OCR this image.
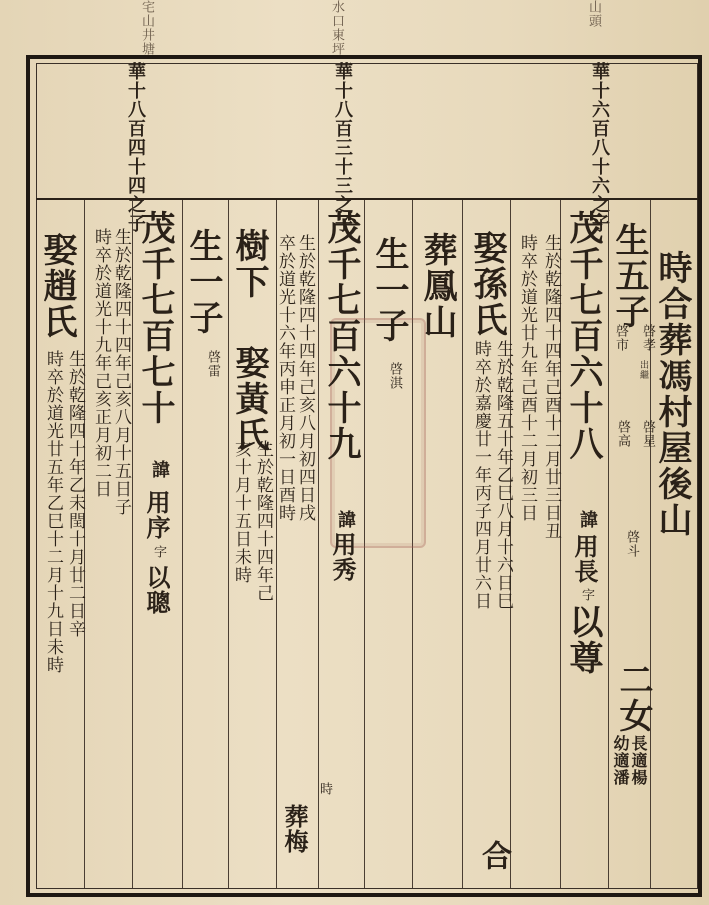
山頭
水口東坪
宅山井塘
華十六百八十六之子
華十八百三十三之子
華十八百四十四之子
時合葬馮村屋後山
生五子
啓孝
啓市
出繼
啓星
啓高
啓斗
二女
長適楊
幼適潘
茂千七百六十八
諱
用長
字
以尊
生於乾隆四十四年己酉十二月廿三日丑
時卒於道光廿九年己酉十二月初三日
娶孫氏
生於乾隆五十年乙巳八月十六日巳
時卒於嘉慶廿一年丙子四月廿六日
合
葬鳳山
生一子
啓淇
茂千七百六十九
諱
用秀
生於乾隆四十四年己亥八月初四日戌
時
卒於道光十六年丙申正月初一日酉時
葬梅
樹下
娶黃氏
生於乾隆四十四年己
亥十月十五日未時
生一子
啓雷
茂千七百七十
諱
用序
字
以聰
生於乾隆四十四年己亥八月十五日子
時卒於道光十九年己亥正月初二日
娶趙氏
生於乾隆四十年乙未閏十月廿二日辛
時卒於道光廿五年乙巳十二月十九日未時
